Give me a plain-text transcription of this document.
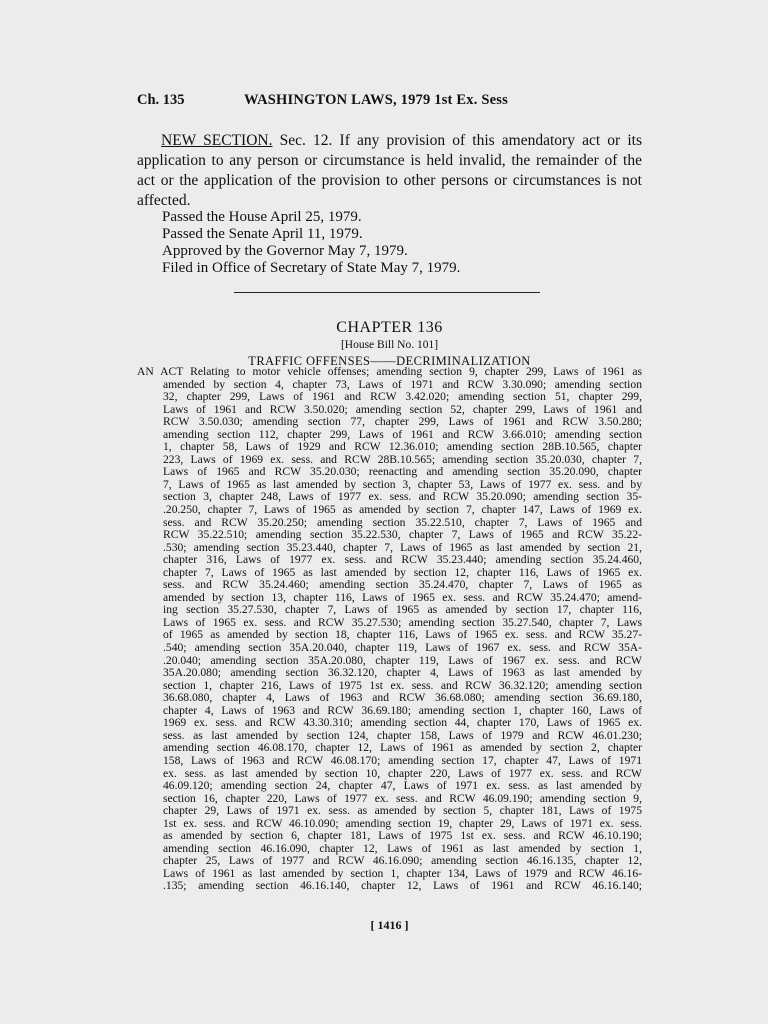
Ch. 135	WASHINGTON LAWS, 1979 1st Ex. Sess
NEW SECTION. Sec. 12. If any provision of this amendatory act or its application to any person or circumstance is held invalid, the remainder of the act or the application of the provision to other persons or circumstances is not affected.
Passed the House April 25, 1979.
Passed the Senate April 11, 1979.
Approved by the Governor May 7, 1979.
Filed in Office of Secretary of State May 7, 1979.
CHAPTER 136
[House Bill No. 101]
TRAFFIC OFFENSES——DECRIMINALIZATION
AN ACT Relating to motor vehicle offenses; amending section 9, chapter 299, Laws of 1961 as
amended by section 4, chapter 73, Laws of 1971 and RCW 3.30.090; amending section
32, chapter 299, Laws of 1961 and RCW 3.42.020; amending section 51, chapter 299,
Laws of 1961 and RCW 3.50.020; amending section 52, chapter 299, Laws of 1961 and
RCW 3.50.030; amending section 77, chapter 299, Laws of 1961 and RCW 3.50.280;
amending section 112, chapter 299, Laws of 1961 and RCW 3.66.010; amending section
1, chapter 58, Laws of 1929 and RCW 12.36.010; amending section 28B.10.565, chapter
223, Laws of 1969 ex. sess. and RCW 28B.10.565; amending section 35.20.030, chapter 7,
Laws of 1965 and RCW 35.20.030; reenacting and amending section 35.20.090, chapter
7, Laws of 1965 as last amended by section 3, chapter 53, Laws of 1977 ex. sess. and by
section 3, chapter 248, Laws of 1977 ex. sess. and RCW 35.20.090; amending section 35-
.20.250, chapter 7, Laws of 1965 as amended by section 7, chapter 147, Laws of 1969 ex.
sess. and RCW 35.20.250; amending section 35.22.510, chapter 7, Laws of 1965 and
RCW 35.22.510; amending section 35.22.530, chapter 7, Laws of 1965 and RCW 35.22-
.530; amending section 35.23.440, chapter 7, Laws of 1965 as last amended by section 21,
chapter 316, Laws of 1977 ex. sess. and RCW 35.23.440; amending section 35.24.460,
chapter 7, Laws of 1965 as last amended by section 12, chapter 116, Laws of 1965 ex.
sess. and RCW 35.24.460; amending section 35.24.470, chapter 7, Laws of 1965 as
amended by section 13, chapter 116, Laws of 1965 ex. sess. and RCW 35.24.470; amend-
ing section 35.27.530, chapter 7, Laws of 1965 as amended by section 17, chapter 116,
Laws of 1965 ex. sess. and RCW 35.27.530; amending section 35.27.540, chapter 7, Laws
of 1965 as amended by section 18, chapter 116, Laws of 1965 ex. sess. and RCW 35.27-
.540; amending section 35A.20.040, chapter 119, Laws of 1967 ex. sess. and RCW 35A-
.20.040; amending section 35A.20.080, chapter 119, Laws of 1967 ex. sess. and RCW
35A.20.080; amending section 36.32.120, chapter 4, Laws of 1963 as last amended by
section 1, chapter 216, Laws of 1975 1st ex. sess. and RCW 36.32.120; amending section
36.68.080, chapter 4, Laws of 1963 and RCW 36.68.080; amending section 36.69.180,
chapter 4, Laws of 1963 and RCW 36.69.180; amending section 1, chapter 160, Laws of
1969 ex. sess. and RCW 43.30.310; amending section 44, chapter 170, Laws of 1965 ex.
sess. as last amended by section 124, chapter 158, Laws of 1979 and RCW 46.01.230;
amending section 46.08.170, chapter 12, Laws of 1961 as amended by section 2, chapter
158, Laws of 1963 and RCW 46.08.170; amending section 17, chapter 47, Laws of 1971
ex. sess. as last amended by section 10, chapter 220, Laws of 1977 ex. sess. and RCW
46.09.120; amending section 24, chapter 47, Laws of 1971 ex. sess. as last amended by
section 16, chapter 220, Laws of 1977 ex. sess. and RCW 46.09.190; amending section 9,
chapter 29, Laws of 1971 ex. sess. as amended by section 5, chapter 181, Laws of 1975
1st ex. sess. and RCW 46.10.090; amending section 19, chapter 29, Laws of 1971 ex. sess.
as amended by section 6, chapter 181, Laws of 1975 1st ex. sess. and RCW 46.10.190;
amending section 46.16.090, chapter 12, Laws of 1961 as last amended by section 1,
chapter 25, Laws of 1977 and RCW 46.16.090; amending section 46.16.135, chapter 12,
Laws of 1961 as last amended by section 1, chapter 134, Laws of 1979 and RCW 46.16-
.135; amending section 46.16.140, chapter 12, Laws of 1961 and RCW 46.16.140;
[ 1416 ]
